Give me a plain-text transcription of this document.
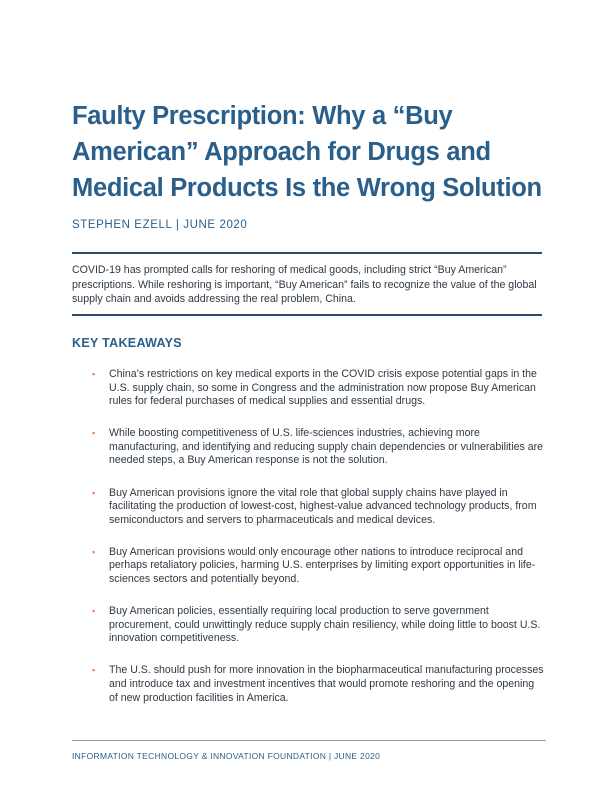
Faulty Prescription: Why a “Buy American” Approach for Drugs and Medical Products Is the Wrong Solution

STEPHEN EZELL | JUNE 2020

COVID-19 has prompted calls for reshoring of medical goods, including strict “Buy American” prescriptions. While reshoring is important, “Buy American” fails to recognize the value of the global supply chain and avoids addressing the real problem, China.

KEY TAKEAWAYS
▪ China’s restrictions on key medical exports in the COVID crisis expose potential gaps in the U.S. supply chain, so some in Congress and the administration now propose Buy American rules for federal purchases of medical supplies and essential drugs.
▪ While boosting competitiveness of U.S. life-sciences industries, achieving more manufacturing, and identifying and reducing supply chain dependencies or vulnerabilities are needed steps, a Buy American response is not the solution.
▪ Buy American provisions ignore the vital role that global supply chains have played in facilitating the production of lowest-cost, highest-value advanced technology products, from semiconductors and servers to pharmaceuticals and medical devices.
▪ Buy American provisions would only encourage other nations to introduce reciprocal and perhaps retaliatory policies, harming U.S. enterprises by limiting export opportunities in life-sciences sectors and potentially beyond.
▪ Buy American policies, essentially requiring local production to serve government procurement, could unwittingly reduce supply chain resiliency, while doing little to boost U.S. innovation competitiveness.
▪ The U.S. should push for more innovation in the biopharmaceutical manufacturing processes and introduce tax and investment incentives that would promote reshoring and the opening of new production facilities in America.

INFORMATION TECHNOLOGY & INNOVATION FOUNDATION | JUNE 2020
